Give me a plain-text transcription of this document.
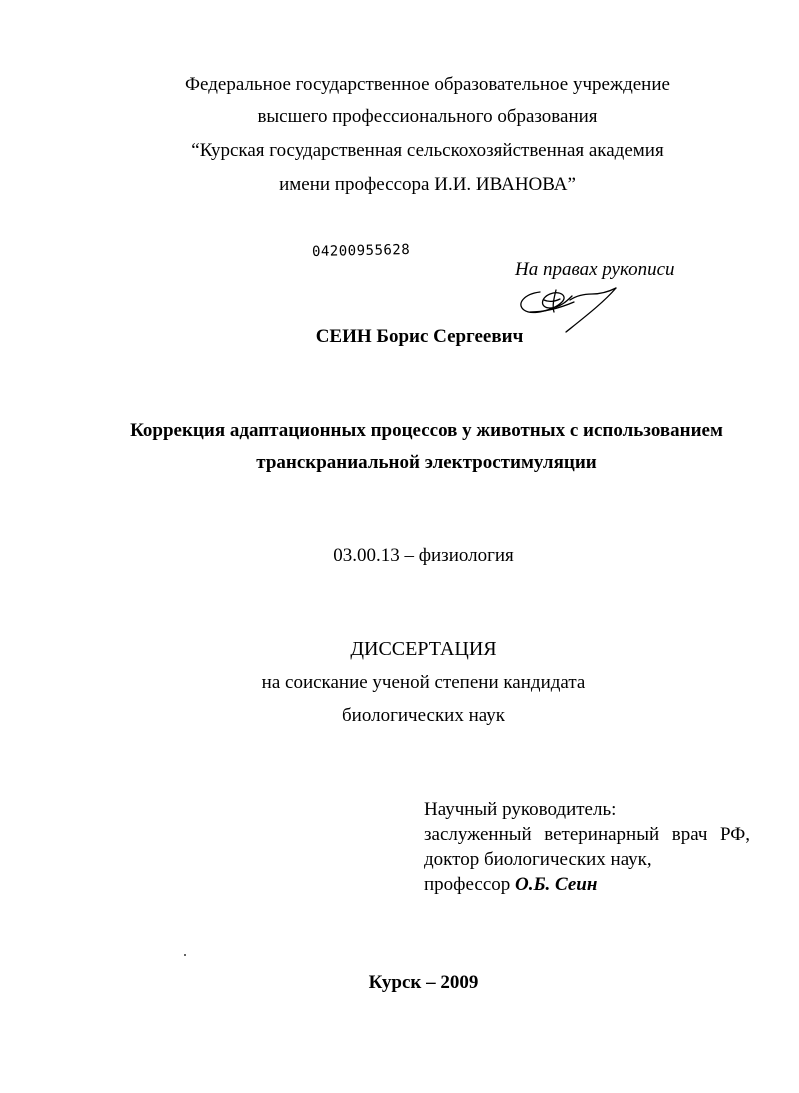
Федеральное государственное образовательное учреждение
высшего профессионального образования
“Курская государственная сельскохозяйственная академия
имени профессора И.И. ИВАНОВА”
04200955628
На правах рукописи
СЕИН Борис Сергеевич
Коррекция адаптационных процессов у животных с использованием
транскраниальной электростимуляции
03.00.13 – физиология
ДИССЕРТАЦИЯ
на соискание ученой степени кандидата
биологических наук
Научный руководитель:
заслуженный ветеринарный врач РФ,
доктор биологических наук,
профессор О.Б. Сеин
Курск – 2009
